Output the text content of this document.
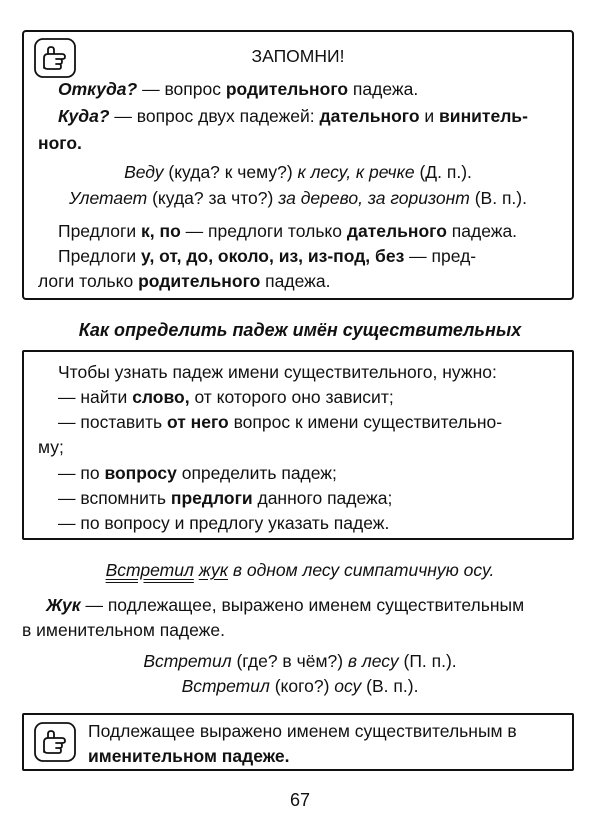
ЗАПОМНИ!
Откуда? — вопрос родительного падежа.
Куда? — вопрос двух падежей: дательного и винитель-
ного.
Веду (куда? к чему?) к лесу, к речке (Д. п.).
Улетает (куда? за что?) за дерево, за горизонт (В. п.).
Предлоги к, по — предлоги только дательного падежа.
Предлоги у, от, до, около, из, из-под, без — пред-
логи только родительного падежа.
Как определить падеж имён существительных
Чтобы узнать падеж имени существительного, нужно:
— найти слово, от которого оно зависит;
— поставить от него вопрос к имени существительно-
му;
— по вопросу определить падеж;
— вспомнить предлоги данного падежа;
— по вопросу и предлогу указать падеж.
Встретил жук в одном лесу симпатичную осу.
Жук — подлежащее, выражено именем существительным
в именительном падеже.
Встретил (где? в чём?) в лесу (П. п.).
Встретил (кого?) осу (В. п.).
Подлежащее выражено именем существительным в
именительном падеже.
67
